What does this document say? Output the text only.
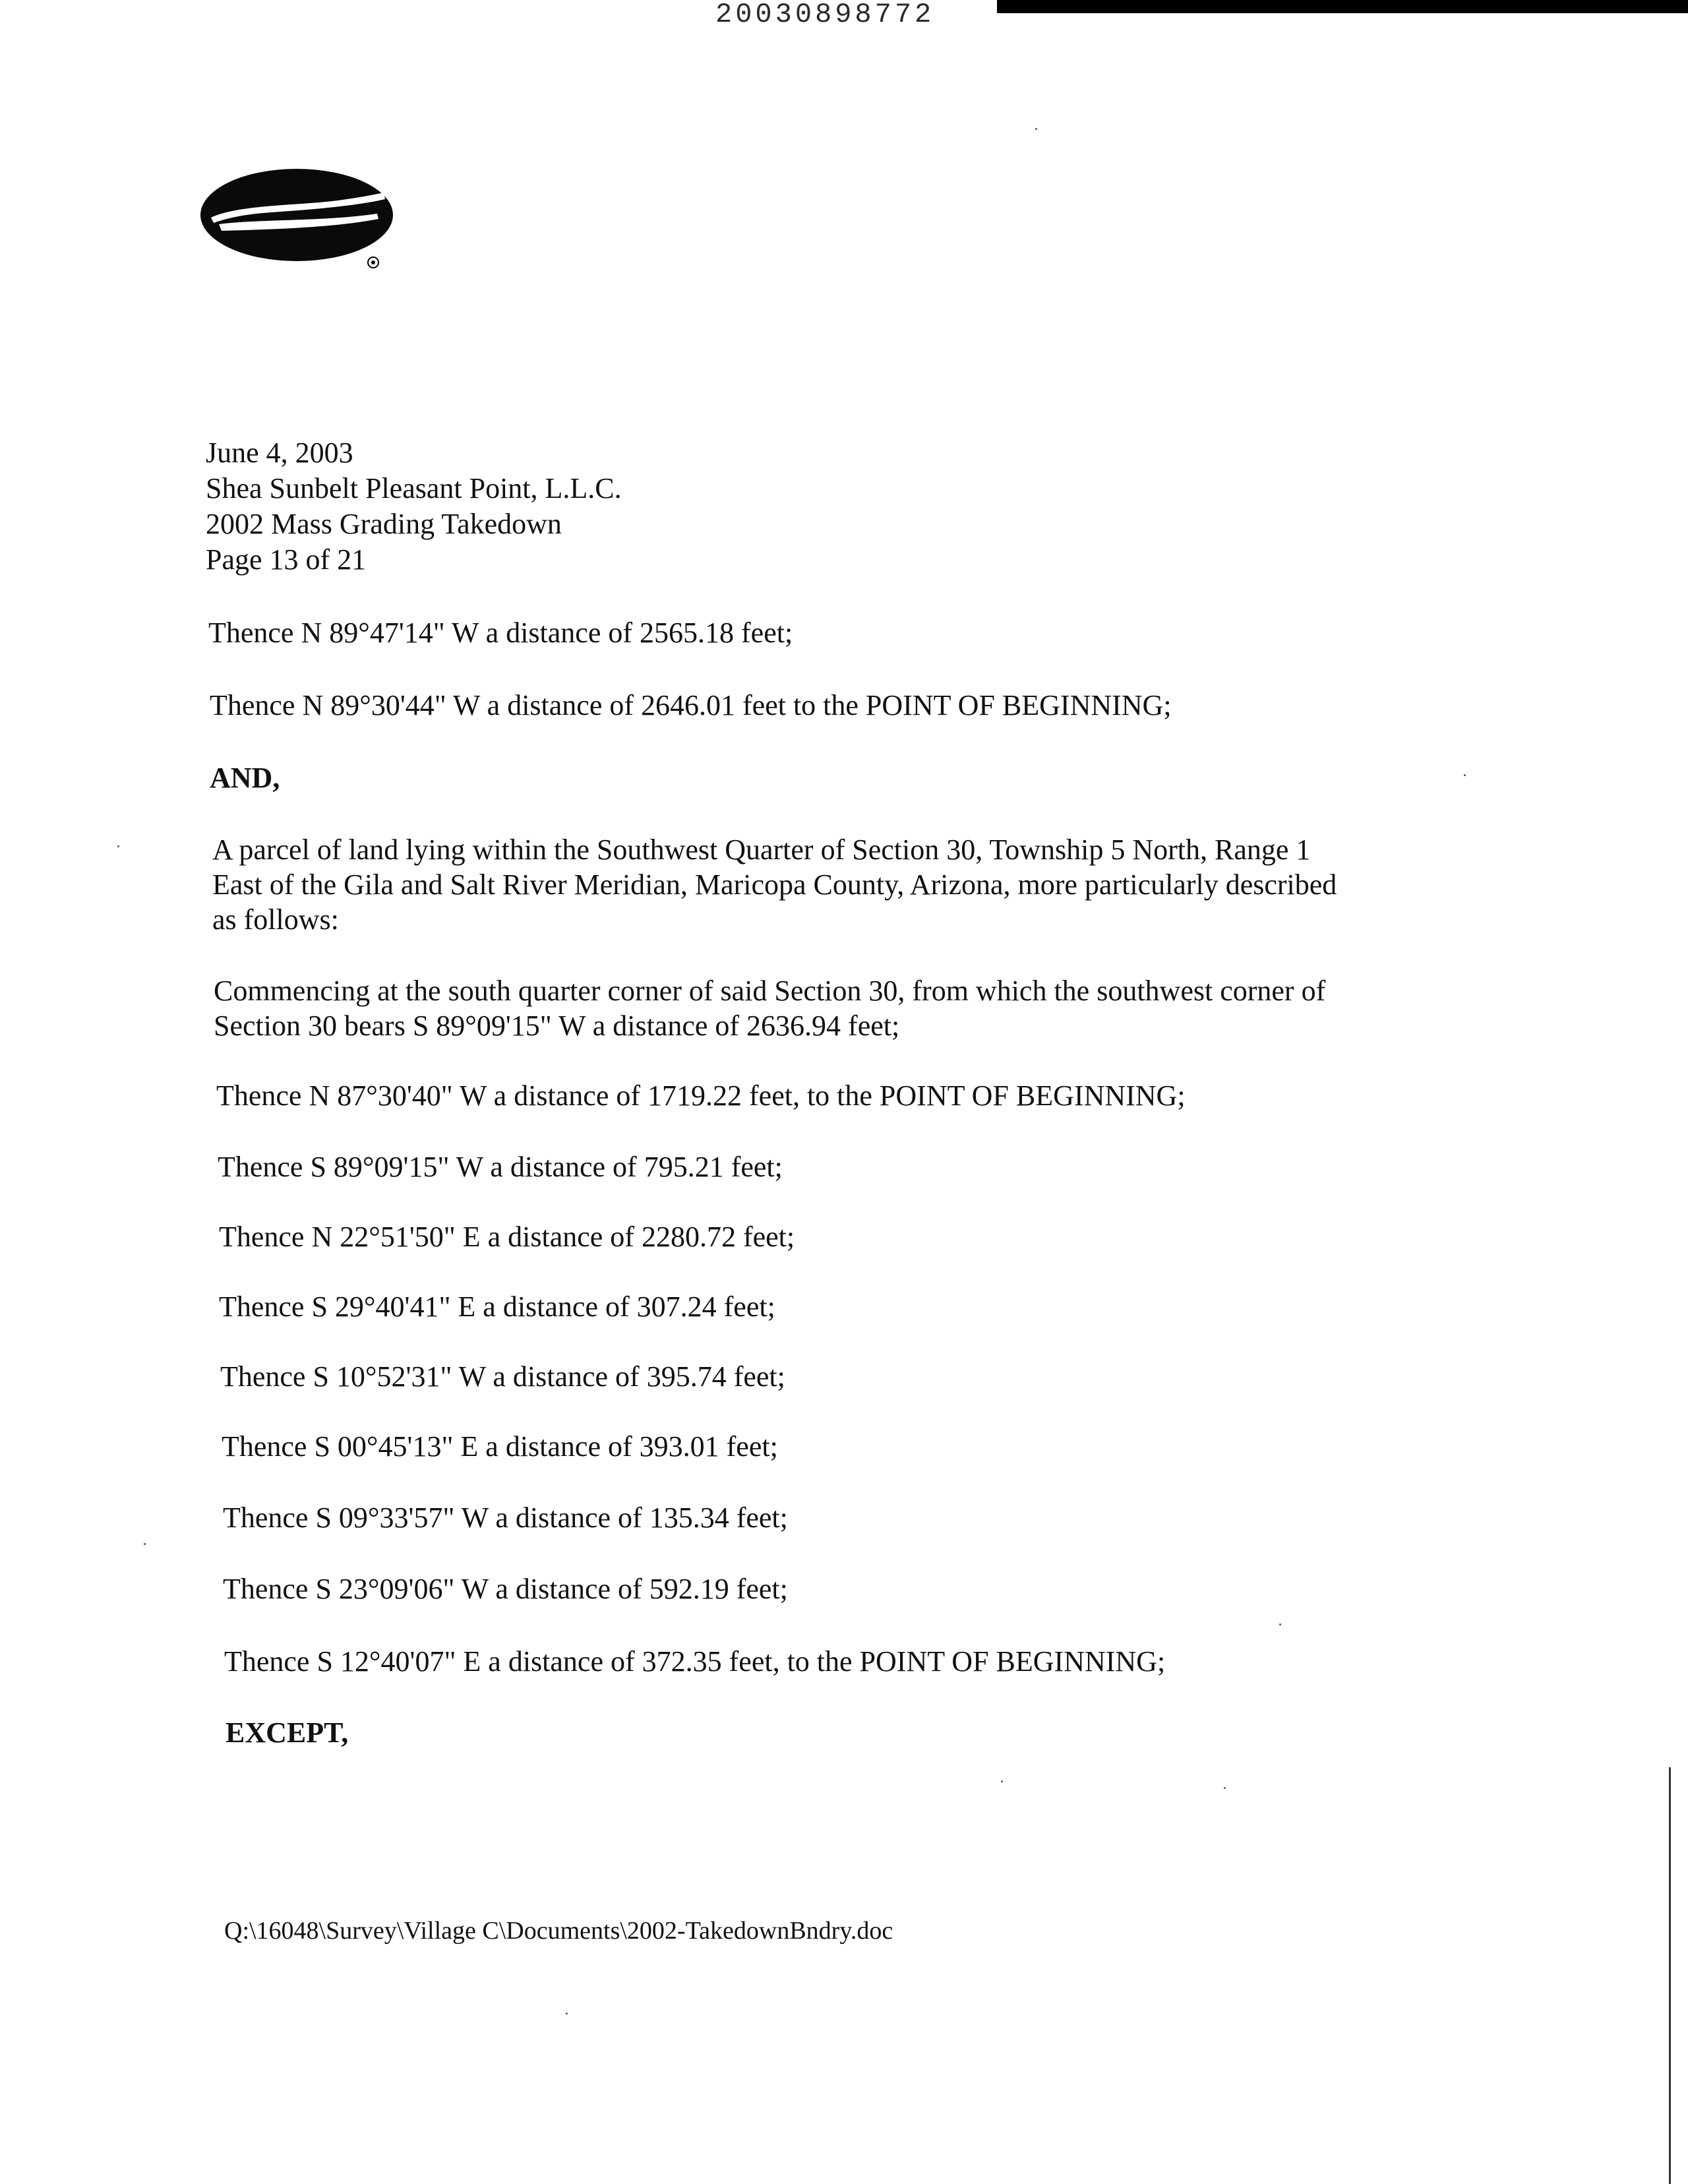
20030898772
June 4, 2003
Shea Sunbelt Pleasant Point, L.L.C.
2002 Mass Grading Takedown
Page 13 of 21
Thence N 89°47'14" W a distance of 2565.18 feet;
Thence N 89°30'44" W a distance of 2646.01 feet to the POINT OF BEGINNING;
AND,
A parcel of land lying within the Southwest Quarter of Section 30, Township 5 North, Range 1
East of the Gila and Salt River Meridian, Maricopa County, Arizona, more particularly described
as follows:
Commencing at the south quarter corner of said Section 30, from which the southwest corner of
Section 30 bears S 89°09'15" W a distance of 2636.94 feet;
Thence N 87°30'40" W a distance of 1719.22 feet, to the POINT OF BEGINNING;
Thence S 89°09'15" W a distance of 795.21 feet;
Thence N 22°51'50" E a distance of 2280.72 feet;
Thence S 29°40'41" E a distance of 307.24 feet;
Thence S 10°52'31" W a distance of 395.74 feet;
Thence S 00°45'13" E a distance of 393.01 feet;
Thence S 09°33'57" W a distance of 135.34 feet;
Thence S 23°09'06" W a distance of 592.19 feet;
Thence S 12°40'07" E a distance of 372.35 feet, to the POINT OF BEGINNING;
EXCEPT,
Q:\16048\Survey\Village C\Documents\2002-TakedownBndry.doc
